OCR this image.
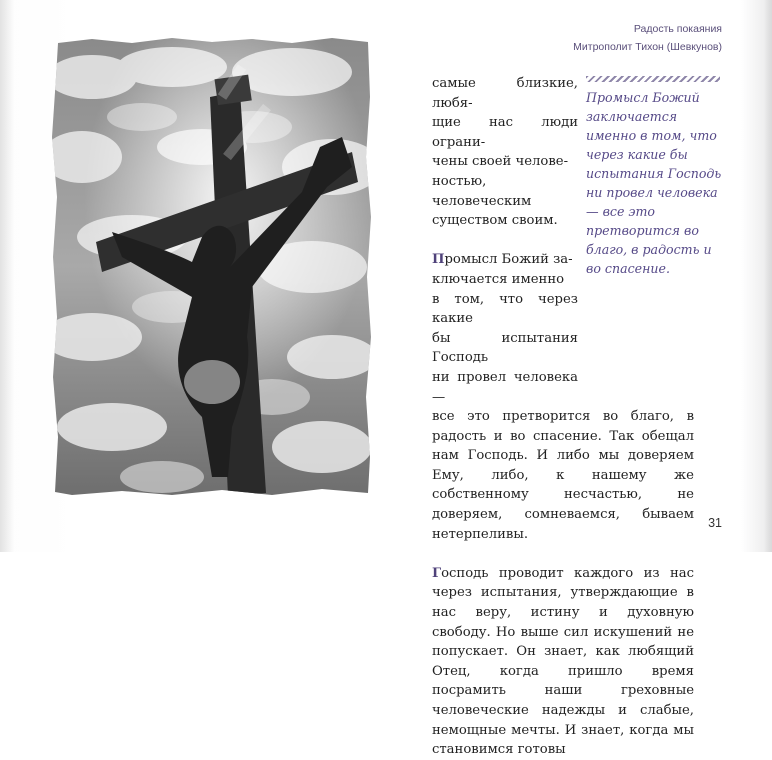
Радость покаяния
Митрополит Тихон (Шевкунов)
самые близкие, любя-
щие нас люди ограни-
чены своей челове-
ностью, человеческим
существом своим.
Промысл Божий за-
ключается именно
в том, что через какие
бы испытания Господь
ни провел человека —

все это претворится во благо, в радость и во спасение. Так обещал нам Господь. И либо мы доверяем Ему, либо, к нашему же собственному несчастью, не доверяем, сомневаемся, бываем нетерпеливы.

Господь проводит каждого из нас через испытания, утверждающие в нас веру, истину и духовную свободу. Но выше сил искушений не попускает. Он знает, как любящий Отец, когда пришло время посрамить наши греховные человеческие надежды и слабые, немощные мечты. И знает, когда мы становимся готовы

Промысл Божий заключается именно в том, что через какие бы испытания Господь ни провел человека — все это претворится во благо, в радость и во спасение.
31
